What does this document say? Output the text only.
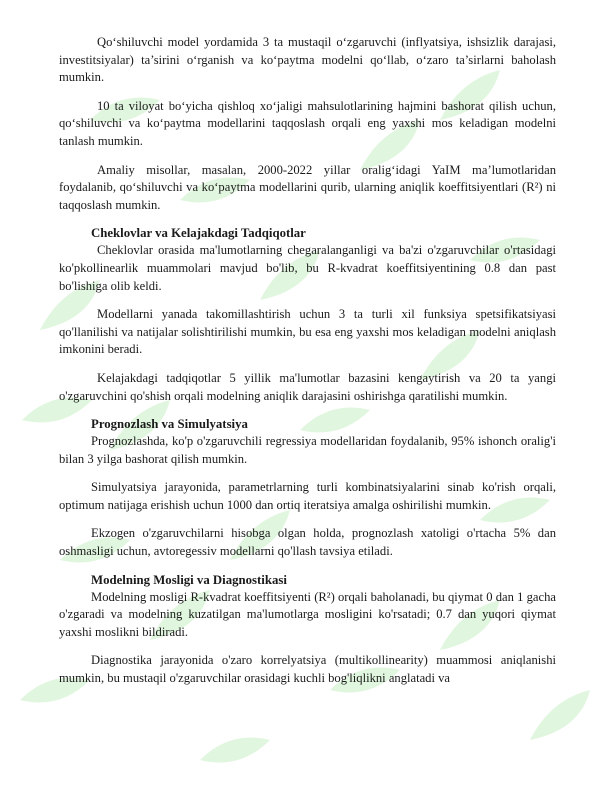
Qo‘shiluvchi model yordamida 3 ta mustaqil o‘zgaruvchi (inflyatsiya, ishsizlik darajasi, investitsiyalar) ta’sirini o‘rganish va ko‘paytma modelni qo‘llab, o‘zaro ta’sirlarni baholash mumkin.

10 ta viloyat bo‘yicha qishloq xo‘jaligi mahsulotlarining hajmini bashorat qilish uchun, qo‘shiluvchi va ko‘paytma modellarini taqqoslash orqali eng yaxshi mos keladigan modelni tanlash mumkin.

Amaliy misollar, masalan, 2000-2022 yillar oralig‘idagi YaIM ma’lumotlaridan foydalanib, qo‘shiluvchi va ko‘paytma modellarini qurib, ularning aniqlik koeffitsiyentlari (R²) ni taqqoslash mumkin.

Cheklovlar va Kelajakdagi Tadqiqotlar

Cheklovlar orasida ma'lumotlarning chegaralanganligi va ba'zi o'zgaruvchilar o'rtasidagi ko'pkollinearlik muammolari mavjud bo'lib, bu R-kvadrat koeffitsiyentining 0.8 dan past bo'lishiga olib keldi.

Modellarni yanada takomillashtirish uchun 3 ta turli xil funksiya spetsifikatsiyasi qo'llanilishi va natijalar solishtirilishi mumkin, bu esa eng yaxshi mos keladigan modelni aniqlash imkonini beradi.

Kelajakdagi tadqiqotlar 5 yillik ma'lumotlar bazasini kengaytirish va 20 ta yangi o'zgaruvchini qo'shish orqali modelning aniqlik darajasini oshirishga qaratilishi mumkin.

Prognozlash va Simulyatsiya

Prognozlashda, ko'p o'zgaruvchili regressiya modellaridan foydalanib, 95% ishonch oralig'i bilan 3 yilga bashorat qilish mumkin.

Simulyatsiya jarayonida, parametrlarning turli kombinatsiyalarini sinab ko'rish orqali, optimum natijaga erishish uchun 1000 dan ortiq iteratsiya amalga oshirilishi mumkin.

Ekzogen o'zgaruvchilarni hisobga olgan holda, prognozlash xatoligi o'rtacha 5% dan oshmasligi uchun, avtoregessiv modellarni qo'llash tavsiya etiladi.

Modelning Mosligi va Diagnostikasi

Modelning mosligi R-kvadrat koeffitsiyenti (R²) orqali baholanadi, bu qiymat 0 dan 1 gacha o'zgaradi va modelning kuzatilgan ma'lumotlarga mosligini ko'rsatadi; 0.7 dan yuqori qiymat yaxshi moslikni bildiradi.

Diagnostika jarayonida o'zaro korrelyatsiya (multikollinearity) muammosi aniqlanishi mumkin, bu mustaqil o'zgaruvchilar orasidagi kuchli bog'liqlikni anglatadi va
